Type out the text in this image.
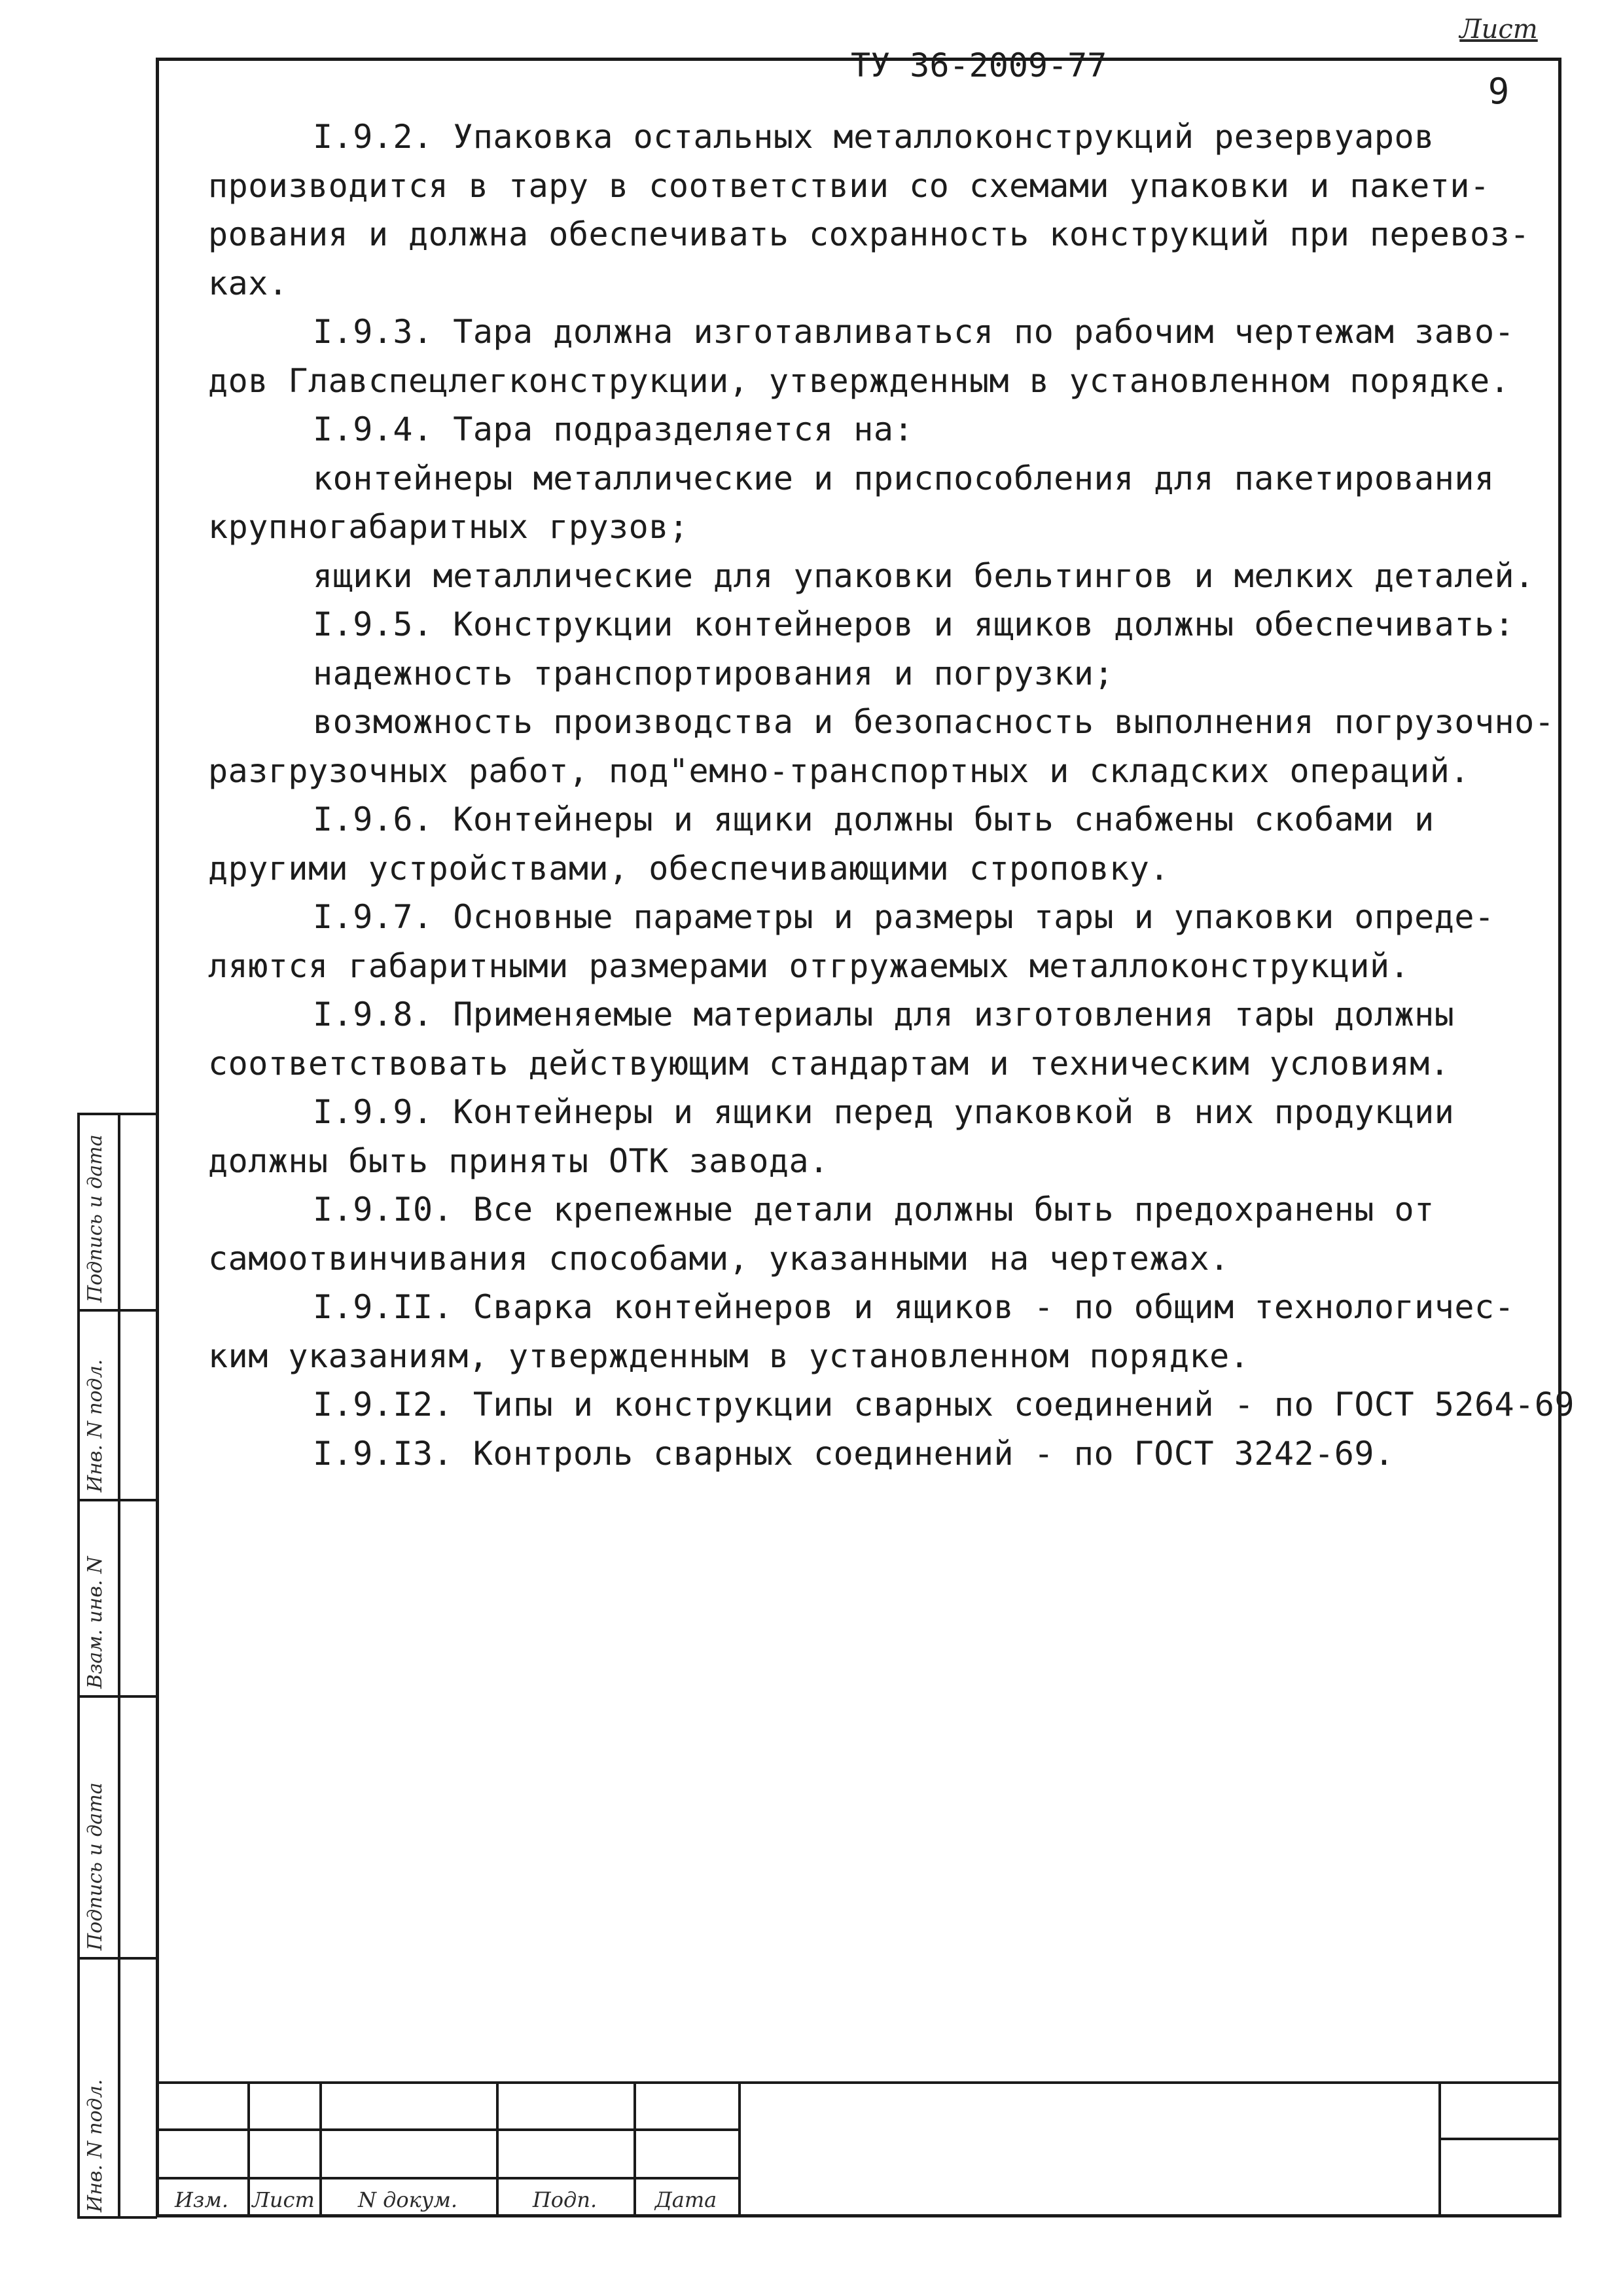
I.9.2. Упаковка остальных металлоконструкций резервуаров
производится в тару в соответствии со схемами упаковки и пакети-
рования и должна обеспечивать сохранность конструкций при перевоз-
ках.
I.9.3. Тара должна изготавливаться по рабочим чертежам заво-
дов Главспецлегконструкции, утвержденным в установленном порядке.
I.9.4. Тара подразделяется на:
контейнеры металлические и приспособления для пакетирования
крупногабаритных грузов;
ящики металлические для упаковки бельтингов и мелких деталей.
I.9.5. Конструкции контейнеров и ящиков должны обеспечивать:
надежность транспортирования и погрузки;
возможность производства и безопасность выполнения погрузочно-
разгрузочных работ, под"емно-транспортных и складских операций.
I.9.6. Контейнеры и ящики должны быть снабжены скобами и
другими устройствами, обеспечивающими строповку.
I.9.7. Основные параметры и размеры тары и упаковки опреде-
ляются габаритными размерами отгружаемых металлоконструкций.
I.9.8. Применяемые материалы для изготовления тары должны
соответствовать действующим стандартам и техническим условиям.
I.9.9. Контейнеры и ящики перед упаковкой в них продукции
должны быть приняты ОТК завода.
I.9.I0. Все крепежные детали должны быть предохранены от
самоотвинчивания способами, указанными на чертежах.
I.9.II. Сварка контейнеров и ящиков - по общим технологичес-
ким указаниям, утвержденным в установленном порядке.
I.9.I2. Типы и конструкции сварных соединений - по ГОСТ 5264-69
I.9.I3. Контроль сварных соединений - по ГОСТ 3242-69.
Подпись и дата
Инв. N подл.
Взам. инв. N
Подпись и дата
Инв. N подл.	Изм.	Лист	N докум.	Подп.	Дата
ТУ 36-2009-77
Лист
9
